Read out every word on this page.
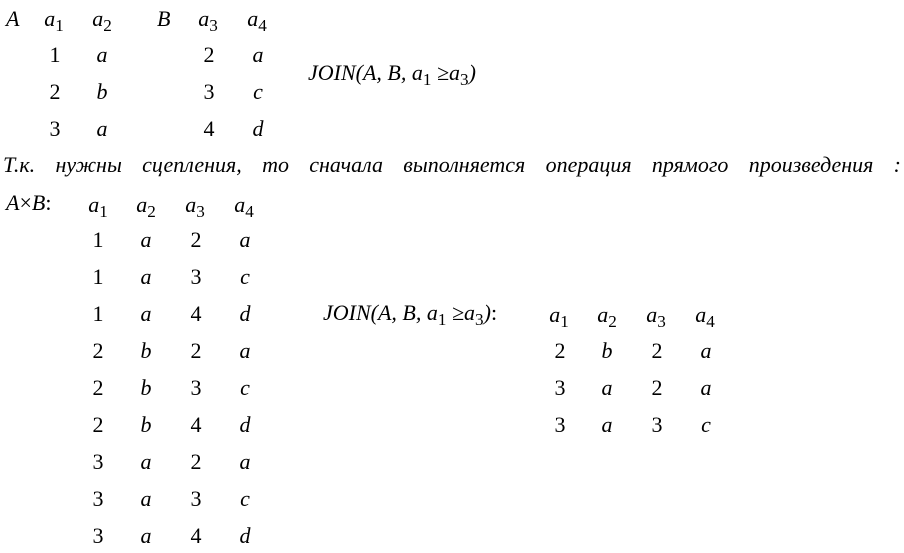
A $a_1$ $a_2$
1 a
2 b
3 a
B $a_3$ $a_4$
2 a
3 c
4 d
JOIN(A, B, $a_1 \ge a_3$)
Т.к. нужны сцепления, то сначала выполняется операция прямого произведения :
A×B: $a_1$ $a_2$ $a_3$ $a_4$
1 a 2 a
1 a 3 c
1 a 4 d
2 b 2 a
2 b 3 c
2 b 4 d
3 a 2 a
3 a 3 c
3 a 4 d
JOIN(A, B, $a_1 \ge a_3$): $a_1$ $a_2$ $a_3$ $a_4$
2 b 2 a
3 a 2 a
3 a 3 c
